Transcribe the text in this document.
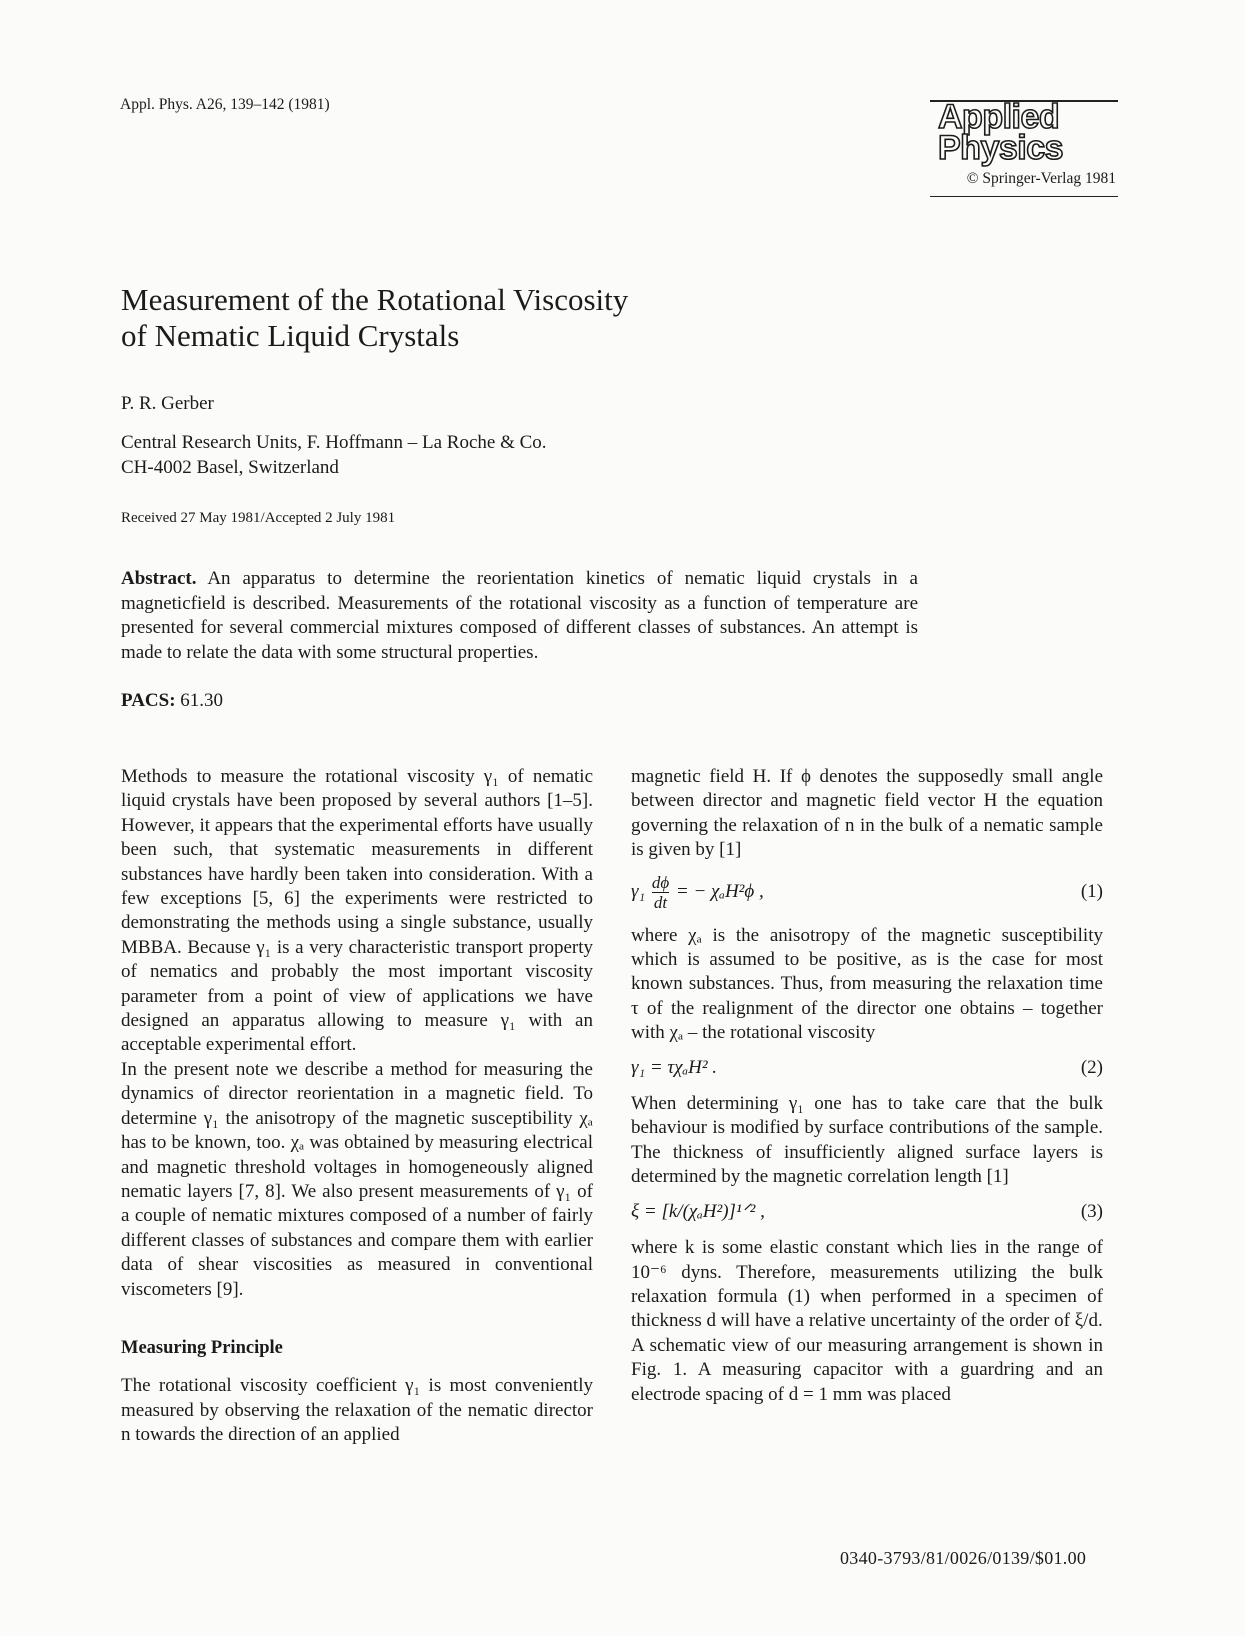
Appl. Phys. A26, 139–142 (1981)	Applied
Physics
© Springer-Verlag 1981
Measurement of the Rotational Viscosity
of Nematic Liquid Crystals
P. R. Gerber
Central Research Units, F. Hoffmann – La Roche & Co.
CH-4002 Basel, Switzerland
Received 27 May 1981/Accepted 2 July 1981
Abstract. An apparatus to determine the reorientation kinetics of nematic liquid crystals in a magneticfield is described. Measurements of the rotational viscosity as a function of temperature are presented for several commercial mixtures composed of different classes of substances. An attempt is made to relate the data with some structural properties.
PACS: 61.30

Methods to measure the rotational viscosity γ₁ of nematic liquid crystals have been proposed by several authors [1–5]. However, it appears that the experimental efforts have usually been such, that systematic measurements in different substances have hardly been taken into consideration. With a few exceptions [5, 6] the experiments were restricted to demonstrating the methods using a single substance, usually MBBA. Because γ₁ is a very characteristic transport property of nematics and probably the most important viscosity parameter from a point of view of applications we have designed an apparatus allowing to measure γ₁ with an acceptable experimental effort.

In the present note we describe a method for measuring the dynamics of director reorientation in a magnetic field. To determine γ₁ the anisotropy of the magnetic susceptibility χₐ has to be known, too. χₐ was obtained by measuring electrical and magnetic threshold voltages in homogeneously aligned nematic layers [7, 8]. We also present measurements of γ₁ of a couple of nematic mixtures composed of a number of fairly different classes of substances and compare them with earlier data of shear viscosities as measured in conventional viscometers [9].

Measuring Principle

The rotational viscosity coefficient γ₁ is most conveniently measured by observing the relaxation of the nematic director n towards the direction of an applied

magnetic field H. If ϕ denotes the supposedly small angle between director and magnetic field vector H the equation governing the relaxation of n in the bulk of a nematic sample is given by [1]

$\gamma_1 \frac{d\phi}{dt}$ = − χₐH²ϕ ,	(1)

where χₐ is the anisotropy of the magnetic susceptibility which is assumed to be positive, as is the case for most known substances. Thus, from measuring the relaxation time τ of the realignment of the director one obtains – together with χₐ – the rotational viscosity

γ₁ = τχₐH² .	(2)

When determining γ₁ one has to take care that the bulk behaviour is modified by surface contributions of the sample. The thickness of insufficiently aligned surface layers is determined by the magnetic correlation length [1]

ξ = [k/(χₐH²)]¹ᐟ² ,	(3)

where k is some elastic constant which lies in the range of 10⁻⁶ dyns. Therefore, measurements utilizing the bulk relaxation formula (1) when performed in a specimen of thickness d will have a relative uncertainty of the order of ξ/d.

A schematic view of our measuring arrangement is shown in Fig. 1. A measuring capacitor with a guardring and an electrode spacing of d = 1 mm was placed

0340-3793/81/0026/0139/$01.00
